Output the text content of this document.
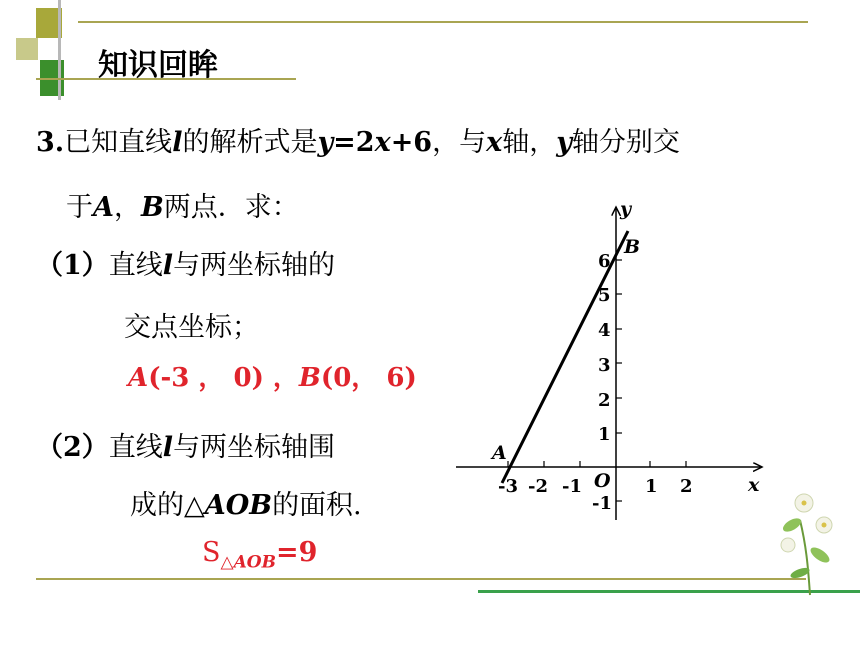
知识回眸
3.已知直线l的解析式是y=2x+6，与x轴，y轴分别交
于A，B两点．求：
（1）直线l与两坐标轴的
交点坐标；
A(-3 ， 0) ，B(0， 6)
（2）直线l与两坐标轴围
成的△AOB的面积.
$S_{\triangle AOB}=9$
-3 -2 -1	1 2
6
5
4
3
2
1
-1
O	x
y
A
B
